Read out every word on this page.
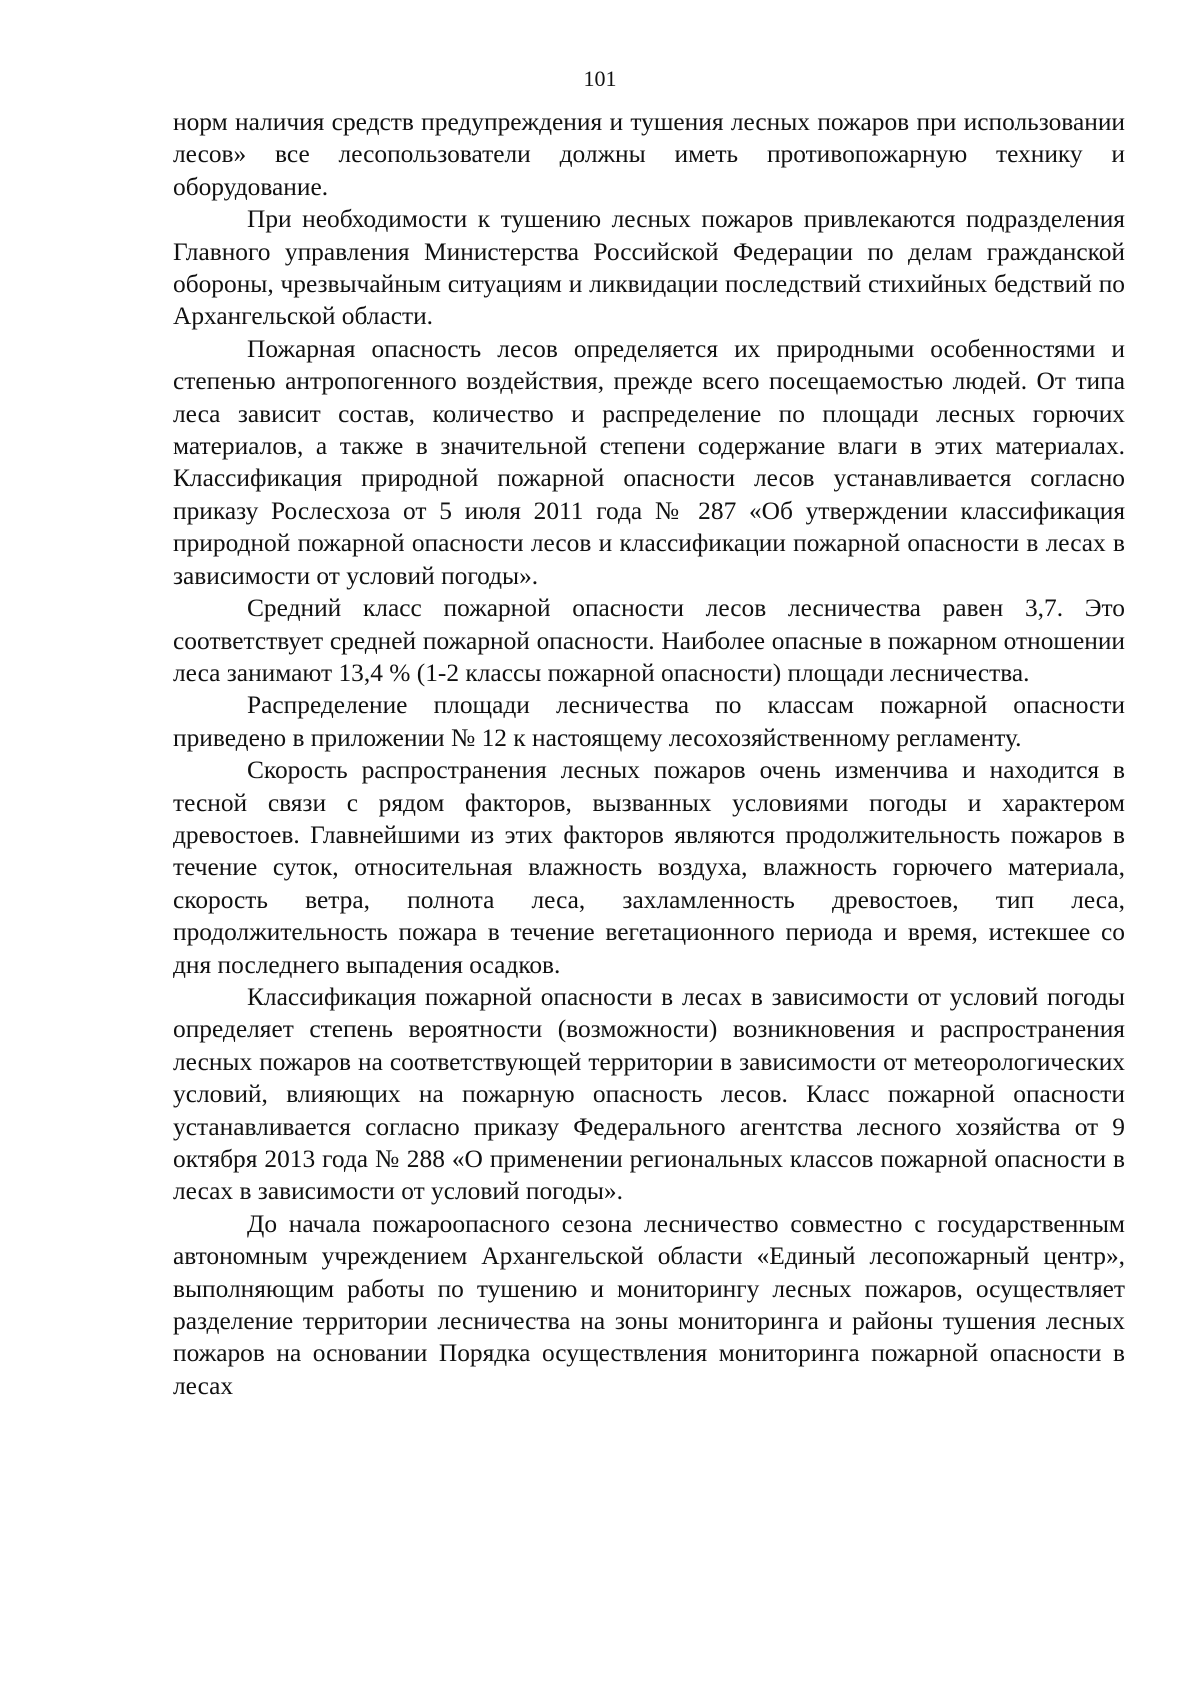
101

норм наличия средств предупреждения и тушения лесных пожаров при использовании лесов» все лесопользователи должны иметь противопожарную технику и оборудование.

При необходимости к тушению лесных пожаров привлекаются подразделения Главного управления Министерства Российской Федерации по делам гражданской обороны, чрезвычайным ситуациям и ликвидации последствий стихийных бедствий по Архангельской области.

Пожарная опасность лесов определяется их природными особенностями и степенью антропогенного воздействия, прежде всего посещаемостью людей. От типа леса зависит состав, количество и распределение по площади лесных горючих материалов, а также в значительной степени содержание влаги в этих материалах. Классификация природной пожарной опасности лесов устанавливается согласно приказу Рослесхоза от 5 июля 2011 года № 287 «Об утверждении классификация природной пожарной опасности лесов и классификации пожарной опасности в лесах в зависимости от условий погоды».

Средний класс пожарной опасности лесов лесничества равен 3,7. Это соответствует средней пожарной опасности. Наиболее опасные в пожарном отношении леса занимают 13,4 % (1-2 классы пожарной опасности) площади лесничества.

Распределение площади лесничества по классам пожарной опасности приведено в приложении № 12 к настоящему лесохозяйственному регламенту.

Скорость распространения лесных пожаров очень изменчива и находится в тесной связи с рядом факторов, вызванных условиями погоды и характером древостоев. Главнейшими из этих факторов являются продолжительность пожаров в течение суток, относительная влажность воздуха, влажность горючего материала, скорость ветра, полнота леса, захламленность древостоев, тип леса, продолжительность пожара в течение вегетационного периода и время, истекшее со дня последнего выпадения осадков.

Классификация пожарной опасности в лесах в зависимости от условий погоды определяет степень вероятности (возможности) возникновения и распространения лесных пожаров на соответствующей территории в зависимости от метеорологических условий, влияющих на пожарную опасность лесов. Класс пожарной опасности устанавливается согласно приказу Федерального агентства лесного хозяйства от 9 октября 2013 года № 288 «О применении региональных классов пожарной опасности в лесах в зависимости от условий погоды».

До начала пожароопасного сезона лесничество совместно с государственным автономным учреждением Архангельской области «Единый лесопожарный центр», выполняющим работы по тушению и мониторингу лесных пожаров, осуществляет разделение территории лесничества на зоны мониторинга и районы тушения лесных пожаров на основании Порядка осуществления мониторинга пожарной опасности в лесах
